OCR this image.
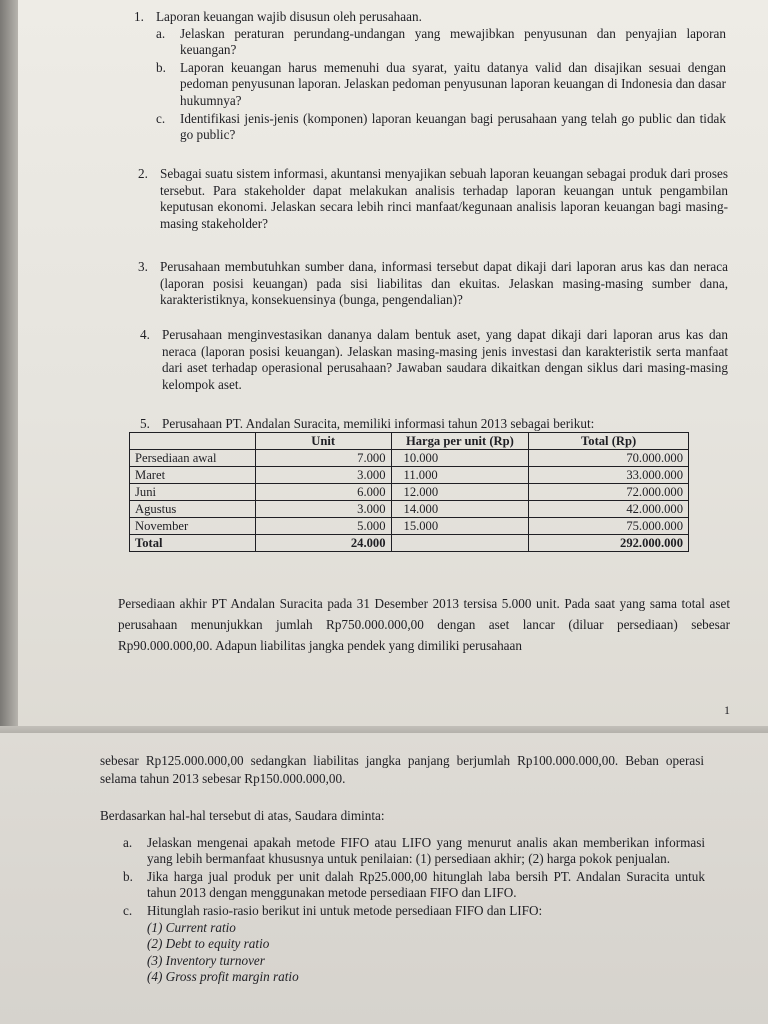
1. Laporan keuangan wajib disusun oleh perusahaan.

a. Jelaskan peraturan perundang-undangan yang mewajibkan penyusunan dan penyajian laporan keuangan?

b. Laporan keuangan harus memenuhi dua syarat, yaitu datanya valid dan disajikan sesuai dengan pedoman penyusunan laporan. Jelaskan pedoman penyusunan laporan keuangan di Indonesia dan dasar hukumnya?

c. Identifikasi jenis-jenis (komponen) laporan keuangan bagi perusahaan yang telah go public dan tidak go public?

2. Sebagai suatu sistem informasi, akuntansi menyajikan sebuah laporan keuangan sebagai produk dari proses tersebut. Para stakeholder dapat melakukan analisis terhadap laporan keuangan untuk pengambilan keputusan ekonomi. Jelaskan secara lebih rinci manfaat/kegunaan analisis laporan keuangan bagi masing-masing stakeholder?

3. Perusahaan membutuhkan sumber dana, informasi tersebut dapat dikaji dari laporan arus kas dan neraca (laporan posisi keuangan) pada sisi liabilitas dan ekuitas. Jelaskan masing-masing sumber dana, karakteristiknya, konsekuensinya (bunga, pengendalian)?

4. Perusahaan menginvestasikan dananya dalam bentuk aset, yang dapat dikaji dari laporan arus kas dan neraca (laporan posisi keuangan). Jelaskan masing-masing jenis investasi dan karakteristik serta manfaat dari aset terhadap operasional perusahaan? Jawaban saudara dikaitkan dengan siklus dari masing-masing kelompok aset.

5. Perusahaan PT. Andalan Suracita, memiliki informasi tahun 2013 sebagai berikut:

	Unit	Harga per unit (Rp)	Total (Rp)
Persediaan awal	7.000	10.000	70.000.000
Maret	3.000	11.000	33.000.000
Juni	6.000	12.000	72.000.000
Agustus	3.000	14.000	42.000.000
November	5.000	15.000	75.000.000
Total	24.000		292.000.000

Persediaan akhir PT Andalan Suracita pada 31 Desember 2013 tersisa 5.000 unit. Pada saat yang sama total aset perusahaan menunjukkan jumlah Rp750.000.000,00 dengan aset lancar (diluar persediaan) sebesar Rp90.000.000,00. Adapun liabilitas jangka pendek yang dimiliki perusahaan

1

sebesar Rp125.000.000,00 sedangkan liabilitas jangka panjang berjumlah Rp100.000.000,00. Beban operasi selama tahun 2013 sebesar Rp150.000.000,00.

Berdasarkan hal-hal tersebut di atas, Saudara diminta:

a. Jelaskan mengenai apakah metode FIFO atau LIFO yang menurut analis akan memberikan informasi yang lebih bermanfaat khususnya untuk penilaian: (1) persediaan akhir; (2) harga pokok penjualan.

b. Jika harga jual produk per unit dalah Rp25.000,00 hitunglah laba bersih PT. Andalan Suracita untuk tahun 2013 dengan menggunakan metode persediaan FIFO dan LIFO.

c. Hitunglah rasio-rasio berikut ini untuk metode persediaan FIFO dan LIFO:

(1) Current ratio
(2) Debt to equity ratio
(3) Inventory turnover
(4) Gross profit margin ratio
